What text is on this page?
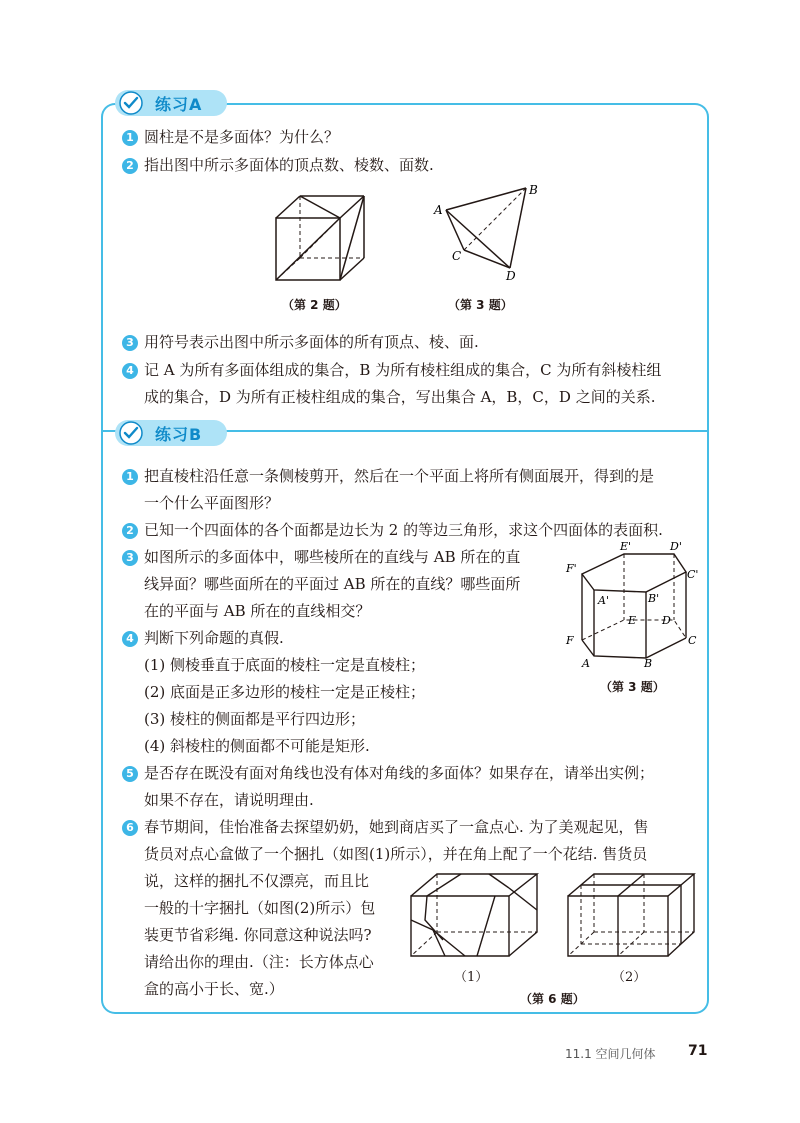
练习A
1 圆柱是不是多面体？为什么？
2 指出图中所示多面体的顶点数、棱数、面数.
（第 2 题）
A
B
C
D
（第 3 题）
3 用符号表示出图中所示多面体的所有顶点、棱、面.
4 记 A 为所有多面体组成的集合，B 为所有棱柱组成的集合，C 为所有斜棱柱组
成的集合，D 为所有正棱柱组成的集合，写出集合 A，B，C，D 之间的关系.
练习B
1 把直棱柱沿任意一条侧棱剪开，然后在一个平面上将所有侧面展开，得到的是
一个什么平面图形？
2 已知一个四面体的各个面都是边长为 2 的等边三角形，求这个四面体的表面积.
3 如图所示的多面体中，哪些棱所在的直线与 AB 所在的直
线异面？哪些面所在的平面过 AB 所在的直线？哪些面所
在的平面与 AB 所在的直线相交？
E'	D'
F'	C'
A'	B'
E D
F	C
A	B
（第 3 题）
4 判断下列命题的真假.
(1) 侧棱垂直于底面的棱柱一定是直棱柱；
(2) 底面是正多边形的棱柱一定是正棱柱；
(3) 棱柱的侧面都是平行四边形；
(4) 斜棱柱的侧面都不可能是矩形.
5 是否存在既没有面对角线也没有体对角线的多面体？如果存在，请举出实例；
如果不存在，请说明理由.
6 春节期间，佳怡准备去探望奶奶，她到商店买了一盒点心. 为了美观起见，售
货员对点心盒做了一个捆扎（如图(1)所示），并在角上配了一个花结. 售货员
说，这样的捆扎不仅漂亮，而且比
一般的十字捆扎（如图(2)所示）包
装更节省彩绳. 你同意这种说法吗?
请给出你的理由.（注：长方体点心
盒的高小于长、宽.）
（1）	（2）
（第 6 题）
11.1 空间几何体 71
